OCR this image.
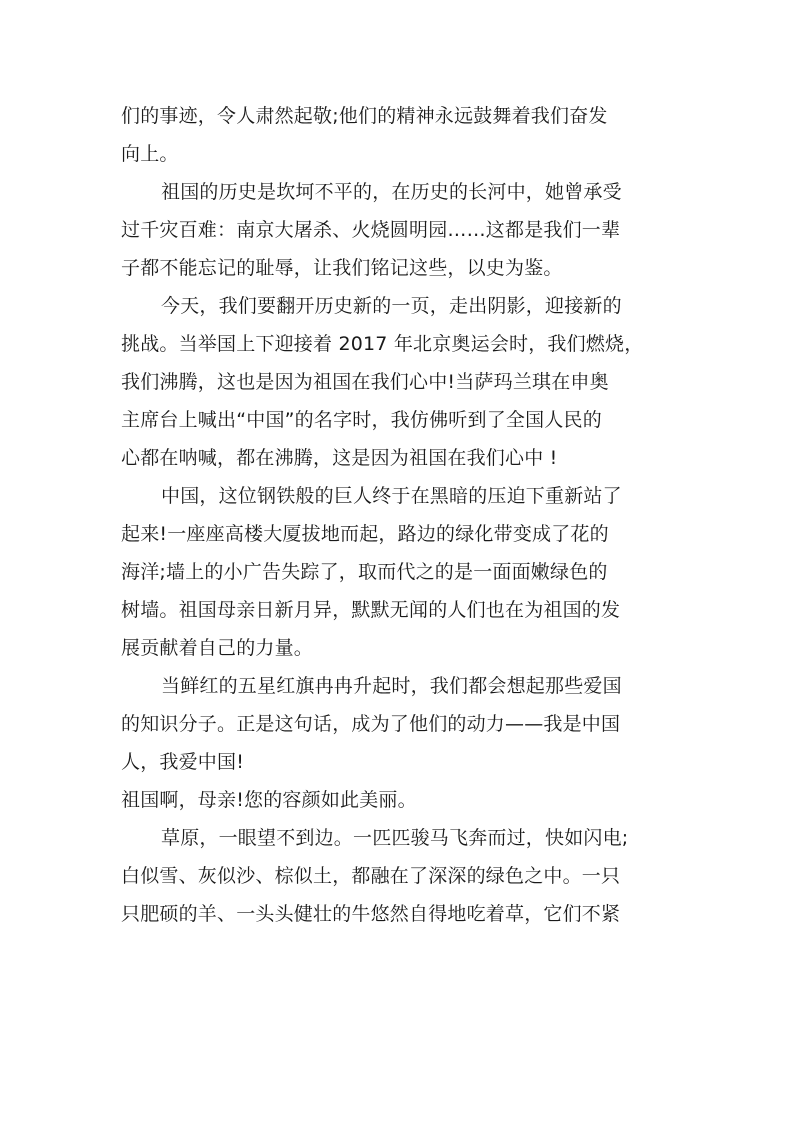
们的事迹，令人肃然起敬;他们的精神永远鼓舞着我们奋发
向上。
祖国的历史是坎坷不平的，在历史的长河中，她曾承受
过千灾百难：南京大屠杀、火烧圆明园……这都是我们一辈
子都不能忘记的耻辱，让我们铭记这些，以史为鉴。
今天，我们要翻开历史新的一页，走出阴影，迎接新的
挑战。当举国上下迎接着 2017 年北京奥运会时，我们燃烧，
我们沸腾，这也是因为祖国在我们心中!当萨玛兰琪在申奥
主席台上喊出“中国”的名字时，我仿佛听到了全国人民的
心都在呐喊，都在沸腾，这是因为祖国在我们心中 !
中国，这位钢铁般的巨人终于在黑暗的压迫下重新站了
起来!一座座高楼大厦拔地而起，路边的绿化带变成了花的
海洋;墙上的小广告失踪了，取而代之的是一面面嫩绿色的
树墙。祖国母亲日新月异，默默无闻的人们也在为祖国的发
展贡献着自己的力量。
当鲜红的五星红旗冉冉升起时，我们都会想起那些爱国
的知识分子。正是这句话，成为了他们的动力——我是中国
人，我爱中国!
祖国啊，母亲!您的容颜如此美丽。
草原，一眼望不到边。一匹匹骏马飞奔而过，快如闪电;
白似雪、灰似沙、棕似土，都融在了深深的绿色之中。一只
只肥硕的羊、一头头健壮的牛悠然自得地吃着草，它们不紧
